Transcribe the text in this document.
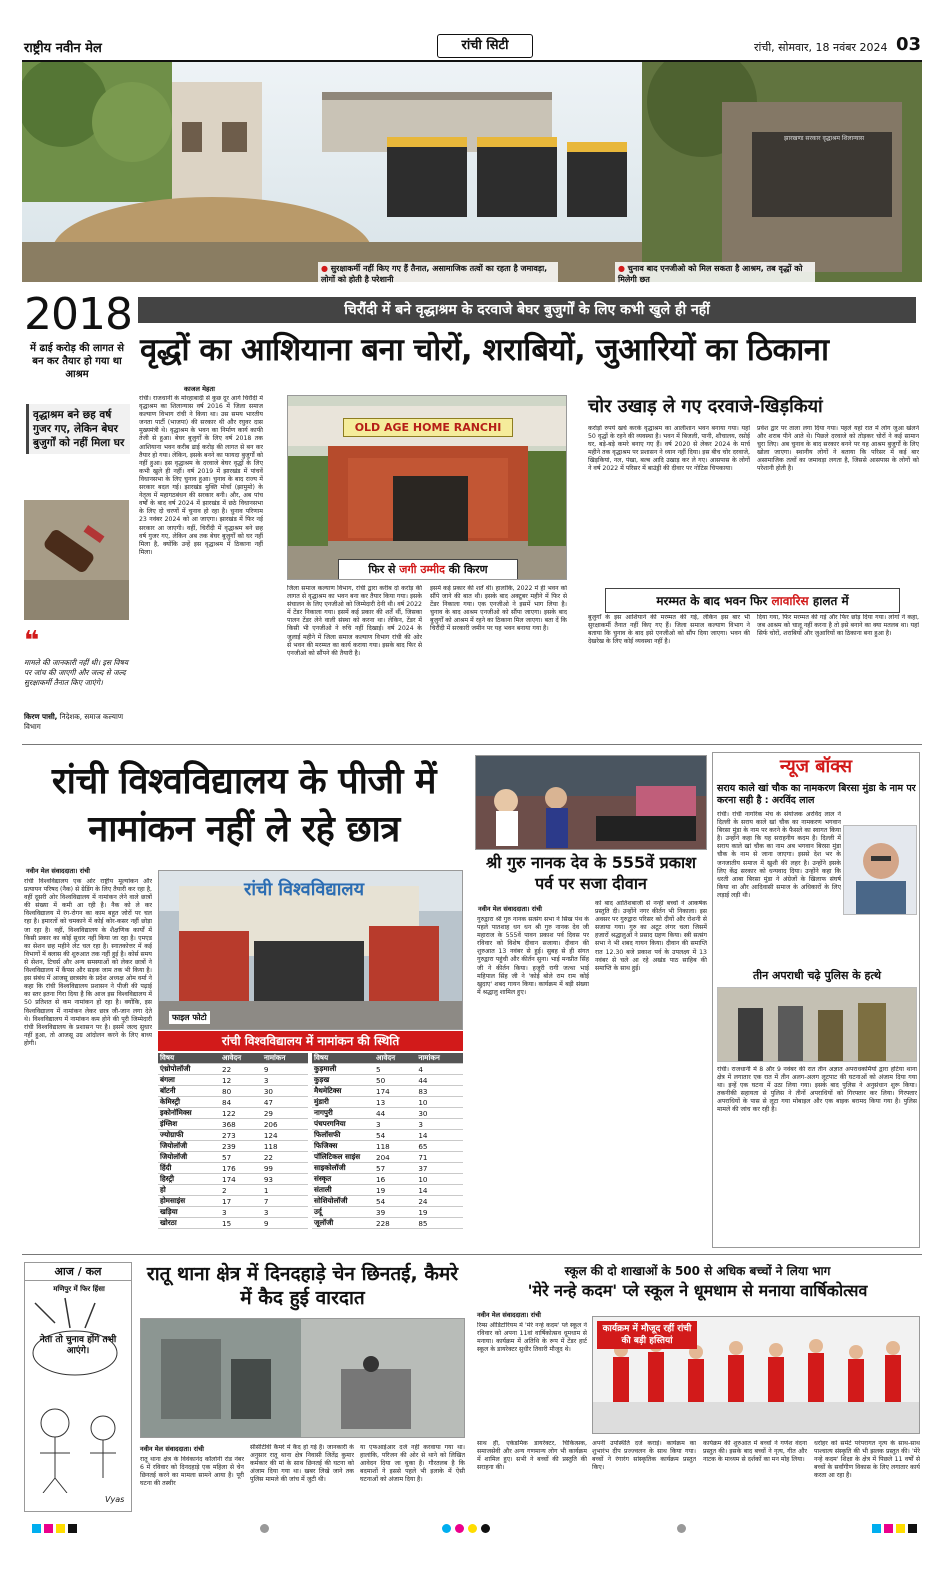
राष्ट्रीय नवीन मेल	रांची सिटी	रांची, सोमवार, 18 नवंबर 2024 03
झारखण्ड सरकार वृद्धाश्रम शिलान्यास
● सुरक्षाकर्मी नहीं किए गए हैं तैनात, असामाजिक तत्वों का रहता है जमावड़ा, लोगों को होती है परेशानी
● चुनाव बाद एनजीओ को मिल सकता है आश्रम, तब वृद्धों को मिलेगी छत
2018
में ढाई करोड़ की लागत से बन कर तैयार हो गया था आश्रम
वृद्धाश्रम बने छह वर्ष गुजर गए, लेकिन बेघर बुजुर्गों को नहीं मिला घर
❝
मामले की जानकारी नहीं थी। इस विषय पर जांच की जाएगी और जल्द से जल्द सुरक्षाकर्मी तैनात किए जाएंगे।
किरण पासी, निदेशक, समाज कल्याण विभाग
चिरौंदी में बने वृद्धाश्रम के दरवाजे बेघर बुजुर्गों के लिए कभी खुले ही नहीं
वृद्धों का आशियाना बना चोरों, शराबियों, जुआरियों का ठिकाना
काजल मेहता
रांची। राजधानी के मोरहाबादी से कुछ दूर आगे चिरौंदी में वृद्धाश्रम का शिलान्यास वर्ष 2016 में जिला समाज कल्याण विभाग रांची ने किया था। उस समय भारतीय जनता पार्टी (भाजपा) की सरकार थी और रघुवर दास मुख्यमंत्री थे। वृद्धाश्रम के भवन का निर्माण कार्य काफी तेजी से हुआ। बेघर बुजुर्गों के लिए वर्ष 2018 तक आशियाना भवन करीब ढाई करोड़ की लागत से बन कर तैयार हो गया। लेकिन, इसके बनने का फायदा बुजुर्गों को नहीं हुआ। इस वृद्धाश्रम के दरवाजे बेघर वृद्धों के लिए कभी खुले ही नहीं। वर्ष 2019 में झारखंड में पांचवें विधानसभा के लिए चुनाव हुआ। चुनाव के बाद राज्य में सरकार बदल गई। झारखंड मुक्ति मोर्चा (झामुमो) के नेतृत्व में महागठबंधन की सरकार बनी। और, अब पांच वर्षों के बाद वर्ष 2024 में झारखंड में छठे विधानसभा के लिए दो चरणों में चुनाव हो रहा है। चुनाव परिणाम 23 नवंबर 2024 को आ जाएगा। झारखंड में फिर नई सरकार आ जाएगी। वहीं, चिरौंदी में वृद्धाश्रम बने छह वर्ष गुजर गए, लेकिन अब तक बेघर बुजुर्गों को घर नहीं मिला है, क्योंकि उन्हें इस वृद्धाश्रम में ठिकाना नहीं मिला।
OLD AGE HOME RANCHI
फिर से जगी उम्मीद की किरण
जिला समाज कल्याण विभाग, रांची द्वारा करीब दो करोड़ की लागत से वृद्धाश्रम का भवन बना कर तैयार किया गया। इसके संचालन के लिए एनजीओ को जिम्मेदारी देनी थी। वर्ष 2022 में टेंडर निकाला गया। इसमें कई प्रकार की शर्तें थीं, जिसका पालन टेंडर लेने वाली संस्था को करना था। लेकिन, टेंडर में किसी भी एनजीओ ने रुचि नहीं दिखाई। वर्ष 2024 के जुलाई महीने में जिला समाज कल्याण विभाग रांची की ओर से भवन की मरम्मत का कार्य कराया गया। इसके बाद फिर से एनजीओ को सौंपने की तैयारी है।
इसमें कई प्रकार की शर्तें थीं। हालांकि, 2022 में ही भवन को सौंपे जाने की बात थी। इसके बाद अक्टूबर महीने में फिर से टेंडर निकाला गया। एक एनजीओ ने इसमें भाग लिया है। चुनाव के बाद आश्रम एनजीओ को सौंपा जाएगा। इसके बाद बुजुर्गों को आश्रम में रहने का ठिकाना मिल जाएगा। बता दें कि चिरौंदी में सरकारी जमीन पर यह भवन बनाया गया है।
चोर उखाड़ ले गए दरवाजे-खिड़कियां
करोड़ों रुपये खर्च करके वृद्धाश्रम का आलीशान भवन बनाया गया। यहां 50 वृद्धों के रहने की व्यवस्था है। भवन में बिजली, पानी, शौचालय, रसोई घर, बड़े-बड़े कमरे बनाए गए हैं। वर्ष 2020 से लेकर 2024 के मार्च महीने तक वृद्धाश्रम पर प्रशासन ने ध्यान नहीं दिया। इस बीच चोर दरवाजे, खिड़कियां, नल, पंखा, बल्ब आदि उखाड़ कर ले गए। आसपास के लोगों ने वर्ष 2022 में परिसर में बाउंड्री की दीवार पर नोटिस चिपकाया।
प्रवेश द्वार पर ताला लगा दिया गया। पहले यहां रात में लोग जुआ खेलने और शराब पीने आते थे। पिछले दरवाजे को तोड़कर चोरों ने कई सामान चुरा लिए। अब चुनाव के बाद सरकार बनने पर यह आश्रम बुजुर्गों के लिए खोला जाएगा। स्थानीय लोगों ने बताया कि परिसर में कई बार असामाजिक तत्वों का जमावड़ा लगता है, जिससे आसपास के लोगों को परेशानी होती है।
मरम्मत के बाद भवन फिर लावारिस हालत में
बुजुर्गों के इस आशियाने की मरम्मत की गई, लेकिन इस बार भी सुरक्षाकर्मी तैनात नहीं किए गए हैं। जिला समाज कल्याण विभाग ने बताया कि चुनाव के बाद इसे एनजीओ को सौंप दिया जाएगा। भवन की देखरेख के लिए कोई व्यवस्था नहीं है।
दिया गया, फिर मरम्मत की गई और फिर छोड़ दिया गया। लोगों ने कहा, जब आश्रम को चालू नहीं करना है तो इसे बनाने का क्या मतलब था। यहां सिर्फ चोरों, शराबियों और जुआरियों का ठिकाना बना हुआ है।
रांची विश्वविद्यालय के पीजी में नामांकन नहीं ले रहे छात्र
नवीन मेल संवाददाता। रांची
रांची विश्वविद्यालय एक ओर राष्ट्रीय मूल्यांकन और प्रत्यायन परिषद (नैक) से ग्रेडिंग के लिए तैयारी कर रहा है, वहीं दूसरी ओर विश्वविद्यालय में नामांकन लेने वाले छात्रों की संख्या में कमी आ रही है। नैक को ले कर विश्वविद्यालय में रंग-रोगन का काम बहुत जोरों पर चल रहा है। इमारतों को चमकाने में कोई कोर-कसर नहीं छोड़ा जा रहा है। वहीं, विश्वविद्यालय के शैक्षणिक कार्यों में किसी प्रकार का कोई सुधार नहीं किया जा रहा है। एमएड का सेशन छह महीने लेट चल रहा है। स्नातकोत्तर में कई विभागों में क्लास की शुरुआत तक नहीं हुई है। कोर्स समय से सेशन, टिचर्स और अन्य समस्याओं को लेकर छात्रों ने विश्वविद्यालय में कैंपस और सड़क जाम तक भी किया है। इस संबंध में आजसू छात्रसंघ के प्रदेश अध्यक्ष ओम वर्मा ने कहा कि रांची विश्वविद्यालय प्रशासन ने पीजी की पढ़ाई का स्तर इतना गिरा दिया है कि आज इस विश्वविद्यालय में 50 प्रतिशत से कम नामांकन हो रहा है। क्योंकि, इस विश्वविद्यालय में नामांकन लेकर छात्र जी-जान लगा देते थे। विश्वविद्यालय में नामांकन कम होने की पूरी जिम्मेदारी रांची विश्वविद्यालय के प्रशासन पर है। इसमें जल्द सुधार नहीं हुआ, तो आजसू उग्र आंदोलन करने के लिए बाध्य होगी।
रांची विश्वविद्यालय
फाइल फोटो
रांची विश्वविद्यालय में नामांकन की स्थिति
विषय	आवेदन	नामांकन
एंथ्रोपोलॉजी	22	9
बंगला	12	3
बॉटनी	80	30
केमिस्ट्री	84	47
इकोनॉमिक्स	122	29
इंग्लिश	368	206
ज्योग्राफी	273	124
जियोलॉजी	239	118
जियोलॉजी	57	22
हिंदी	176	99
हिस्ट्री	174	93
हो	2	1
होमसाइंस	17	7
खड़िया	3	3
खोरठा	15	9
विषय	आवेदन	नामांकन
कुड़माली	5	4
कुड़ख	50	44
मैथमेटिक्स	174	83
मुंडारी	13	10
नागपुरी	44	30
पंचपरगनिया	3	3
फिलॉसफी	54	14
फिजिक्स	118	65
पॉलिटिकल साइंस	204	71
साइकोलॉजी	57	37
संस्कृत	16	10
संताली	19	14
सोशियोलॉजी	54	24
उर्दू	39	19
जूलॉजी	228	85
श्री गुरु नानक देव के 555वें प्रकाश पर्व पर सजा दीवान
नवीन मेल संवाददाता। रांची
गुरुद्वारा श्री गुरु नानक सत्संग सभा ने सिख पंथ के पहले पातशाह धन धन श्री गुरु नानक देव जी महाराज के 555वें पावन प्रकाश पर्व दिवस पर रविवार को विशेष दीवान सजाया। दीवान की शुरुआत 13 नवंबर से हुई। सुबह से ही संगत गुरुद्वारा पहुंची और कीर्तन सुना। भाई मनप्रीत सिंह जी ने कीर्तन किया। हजूरी रागी जत्था भाई महिपाल सिंह जी ने 'कोई बोले राम राम कोई खुदाए' शबद गायन किया। कार्यक्रम में बड़ी संख्या में श्रद्धालु शामिल हुए।
को बाद आतिशबाजी से नन्हीं बच्चों ने आकर्षक प्रस्तुति दी। उन्होंने नगर कीर्तन भी निकाला। इस अवसर पर गुरुद्वारा परिसर को दीयों और रोशनी से सजाया गया। गुरु का अटूट लंगर चला जिसमें हजारों श्रद्धालुओं ने प्रसाद ग्रहण किया। स्त्री सत्संग सभा ने भी शबद गायन किया। दीवान की समाप्ति रात 12.30 बजे प्रकाश पर्व के उपलक्ष्य में 13 नवंबर से चले आ रहे अखंड पाठ साहिब की समाप्ति के साथ हुई।
न्यूज बॉक्स
सराय काले खां चौक का नामकरण बिरसा मुंडा के नाम पर करना सही है : अरविंद लाल
रांची। रांची नागरिक मंच के संयोजक अरविंद लाल ने दिल्ली के सराय काले खां चौक का नामकरण भगवान बिरसा मुंडा के नाम पर करने के फैसले का स्वागत किया है। उन्होंने कहा कि यह सराहनीय कदम है। दिल्ली में सराय काले खां चौक का नाम अब भगवान बिरसा मुंडा चौक के नाम से जाना जाएगा। इससे देश भर के जनजातीय समाज में खुशी की लहर है। उन्होंने इसके लिए केंद्र सरकार को धन्यवाद दिया। उन्होंने कहा कि धरती आबा बिरसा मुंडा ने अंग्रेजों के खिलाफ संघर्ष किया था और आदिवासी समाज के अधिकारों के लिए लड़ाई लड़ी थी।
तीन अपराधी चढ़े पुलिस के हत्थे
रांची। राजधानी में 8 और 9 नवंबर की रात तीन अज्ञात अपराधकर्मियों द्वारा हटिया थाना क्षेत्र में लगातार एक रात में तीन अलग-अलग लूटपाट की घटनाओं को अंजाम दिया गया था। इन्हें एक घटना में उठा लिया गया। इसके बाद पुलिस ने अनुसंधान शुरू किया। तकनीकी सहायता से पुलिस ने तीनों अपराधियों को गिरफ्तार कर लिया। गिरफ्तार अपराधियों के पास से लूटा गया मोबाइल और एक बाइक बरामद किया गया है। पुलिस मामले की जांच कर रही है।
आज / कल
मणिपुर में फिर हिंसा
नेता तो चुनाव होंगे तभी आएंगे।
Vyas
रातू थाना क्षेत्र में दिनदहाड़े चेन छिनतई, कैमरे में कैद हुई वारदात
नवीन मेल संवाददाता। रांची
रातू थाना क्षेत्र के विवेकानंद कॉलोनी रोड नंबर 6 में रविवार को दिनदहाड़े एक महिला से चेन छिनतई करने का मामला सामने आया है। पूरी घटना की तस्वीर
सीसीटीवी कैमरे में कैद हो गई है। जानकारी के अनुसार रातू थाना क्षेत्र निवासी जितेंद्र कुमार कर्मकार की मां के साथ छिनतई की घटना को अंजाम दिया गया था। खबर लिखे जाने तक पुलिस मामले की जांच में जुटी थी।
या एफआईआर दर्ज नहीं करवाया गया था। हालांकि, परिजन की ओर से थाने को लिखित आवेदन दिया जा चुका है। गौरतलब है कि बदमाशों ने इससे पहले भी इलाके में ऐसी घटनाओं को अंजाम दिया है।
स्कूल की दो शाखाओं के 500 से अधिक बच्चों ने लिया भाग
'मेरे नन्हे कदम' प्ले स्कूल ने धूमधाम से मनाया वार्षिकोत्सव
नवीन मेल संवाददाता। रांची
रिम्स ऑडिटोरियम में 'मेरे नन्हे कदम' प्ले स्कूल ने रविवार को अपना 11वां वार्षिकोत्सव धूमधाम से मनाया। कार्यक्रम में अतिथि के रूप में टेंडर हार्ट स्कूल के डायरेक्टर सुधीर तिवारी मौजूद थे।
कार्यक्रम में मौजूद रहीं रांची की बड़ी हस्तियां
साथ ही, एकेडमिक डायरेक्टर, चिकित्सक, समाजसेवी और अन्य गणमान्य लोग भी कार्यक्रम में शामिल हुए। सभी ने बच्चों की प्रस्तुति की सराहना की।
अपनी उपस्थिति दर्ज कराई। कार्यक्रम का शुभारंभ दीप प्रज्ज्वलन के साथ किया गया। बच्चों ने रंगारंग सांस्कृतिक कार्यक्रम प्रस्तुत किए।
कार्यक्रम की शुरुआत में बच्चों ने गणेश वंदना प्रस्तुत की। इसके बाद बच्चों ने नृत्य, गीत और नाटक के माध्यम से दर्शकों का मन मोह लिया।
धरोहर को समेटे परंपरागत नृत्य के साथ-साथ पाश्चात्य संस्कृति की भी झलक प्रस्तुत की। 'मेरे नन्हे कदम' शिक्षा के क्षेत्र में पिछले 11 वर्षों से बच्चों के सर्वांगीण विकास के लिए लगातार कार्य करता आ रहा है।
